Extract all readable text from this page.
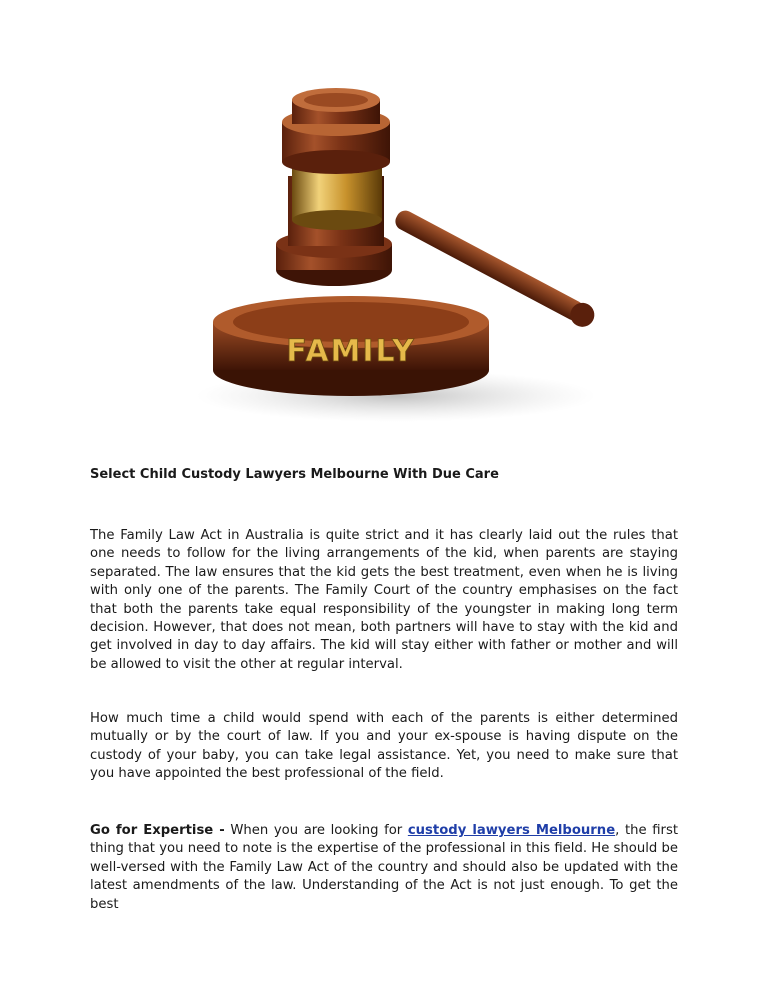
FAMILY
Select Child Custody Lawyers Melbourne With Due Care

The Family Law Act in Australia is quite strict and it has clearly laid out the rules that one needs to follow for the living arrangements of the kid, when parents are staying separated. The law ensures that the kid gets the best treatment, even when he is living with only one of the parents. The Family Court of the country emphasises on the fact that both the parents take equal responsibility of the youngster in making long term decision. However, that does not mean, both partners will have to stay with the kid and get involved in day to day affairs. The kid will stay either with father or mother and will be allowed to visit the other at regular interval.

How much time a child would spend with each of the parents is either determined mutually or by the court of law. If you and your ex-spouse is having dispute on the custody of your baby, you can take legal assistance. Yet, you need to make sure that you have appointed the best professional of the field.

Go for Expertise - When you are looking for custody lawyers Melbourne, the first thing that you need to note is the expertise of the professional in this field. He should be well-versed with the Family Law Act of the country and should also be updated with the latest amendments of the law. Understanding of the Act is not just enough. To get the best
